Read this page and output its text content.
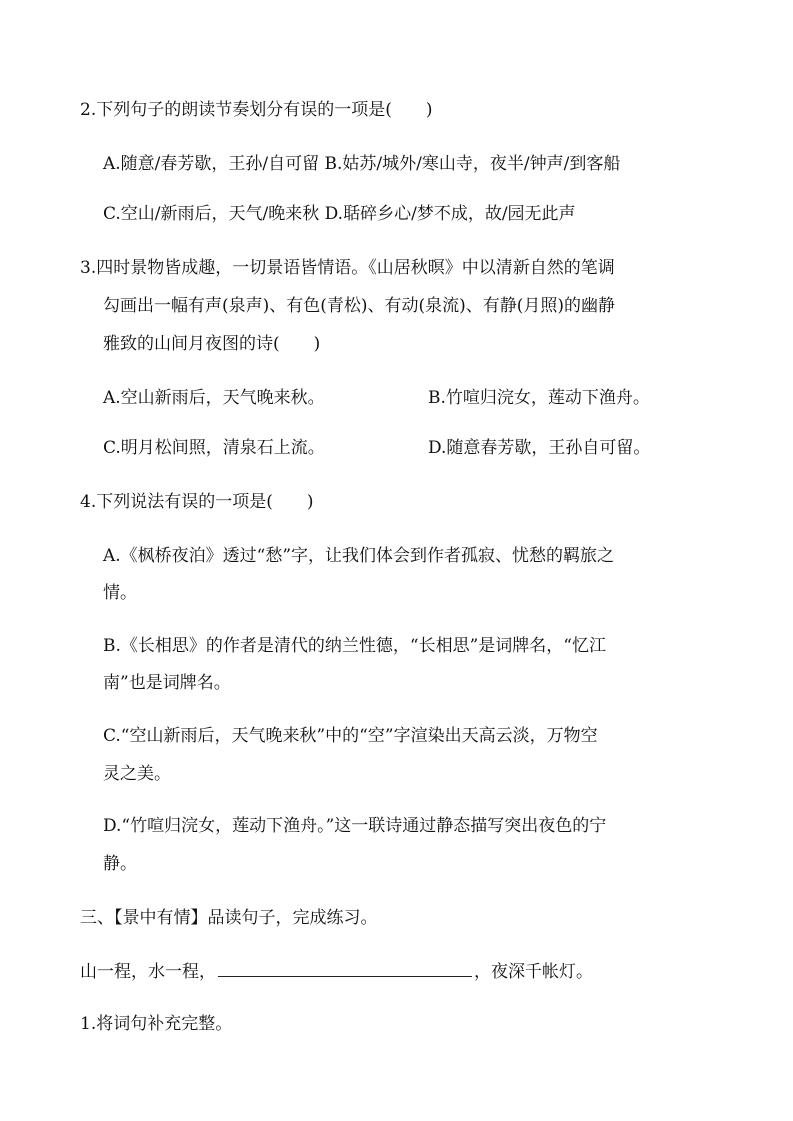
2.下列句子的朗读节奏划分有误的一项是(　　)
A.随意/春芳歇，王孙/自可留 B.姑苏/城外/寒山寺，夜半/钟声/到客船
C.空山/新雨后，天气/晚来秋 D.聒碎乡心/梦不成，故/园无此声
3.四时景物皆成趣，一切景语皆情语。《山居秋暝》中以清新自然的笔调
勾画出一幅有声(泉声)、有色(青松)、有动(泉流)、有静(月照)的幽静
雅致的山间月夜图的诗(　　)
A.空山新雨后，天气晚来秋。	B.竹喧归浣女，莲动下渔舟。
C.明月松间照，清泉石上流。	D.随意春芳歇，王孙自可留。
4.下列说法有误的一项是(　　)
A.《枫桥夜泊》透过“愁”字，让我们体会到作者孤寂、忧愁的羁旅之
情。
B.《长相思》的作者是清代的纳兰性德，“长相思”是词牌名，“忆江
南”也是词牌名。
C.“空山新雨后，天气晚来秋”中的“空”字渲染出天高云淡，万物空
灵之美。
D.“竹喧归浣女，莲动下渔舟。”这一联诗通过静态描写突出夜色的宁
静。
三、【景中有情】品读句子，完成练习。
山一程，水一程，	，夜深千帐灯。
1.将词句补充完整。
